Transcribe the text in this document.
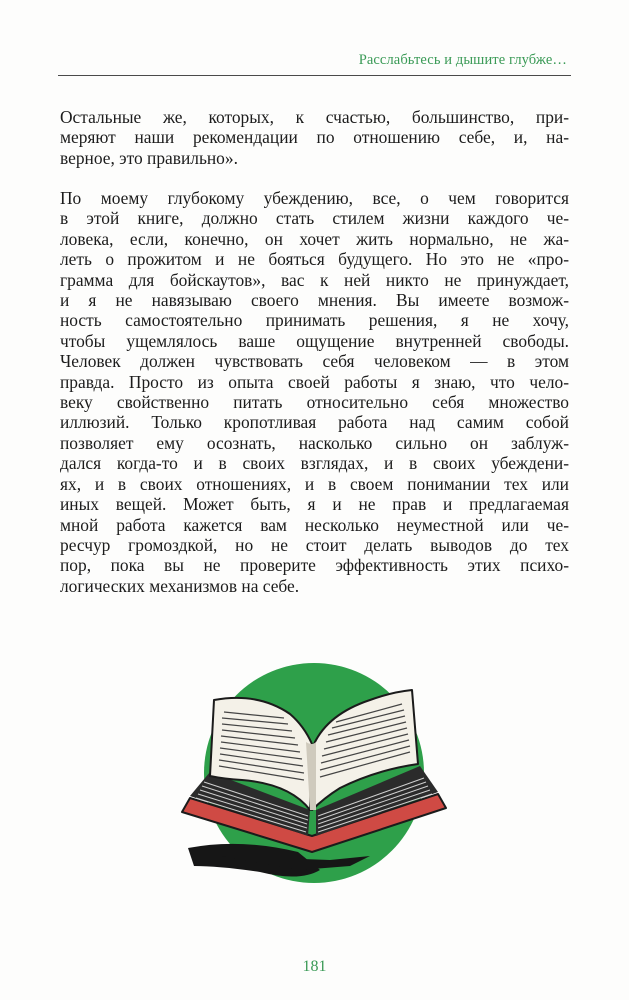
Расслабьтесь и дышите глубже…
Остальные же, которых, к счастью, большинство, при-
меряют наши рекомендации по отношению себе, и, на-
верное, это правильно».
По моему глубокому убеждению, все, о чем говорится
в этой книге, должно стать стилем жизни каждого че-
ловека, если, конечно, он хочет жить нормально, не жа-
леть о прожитом и не бояться будущего. Но это не «про-
грамма для бойскаутов», вас к ней никто не принуждает,
и я не навязываю своего мнения. Вы имеете возмож-
ность самостоятельно принимать решения, я не хочу,
чтобы ущемлялось ваше ощущение внутренней свободы.
Человек должен чувствовать себя человеком — в этом
правда. Просто из опыта своей работы я знаю, что чело-
веку свойственно питать относительно себя множество
иллюзий. Только кропотливая работа над самим собой
позволяет ему осознать, насколько сильно он заблуж-
дался когда-то и в своих взглядах, и в своих убеждени-
ях, и в своих отношениях, и в своем понимании тех или
иных вещей. Может быть, я и не прав и предлагаемая
мной работа кажется вам несколько неуместной или че-
ресчур громоздкой, но не стоит делать выводов до тех
пор, пока вы не проверите эффективность этих психо-
логических механизмов на себе.
181
